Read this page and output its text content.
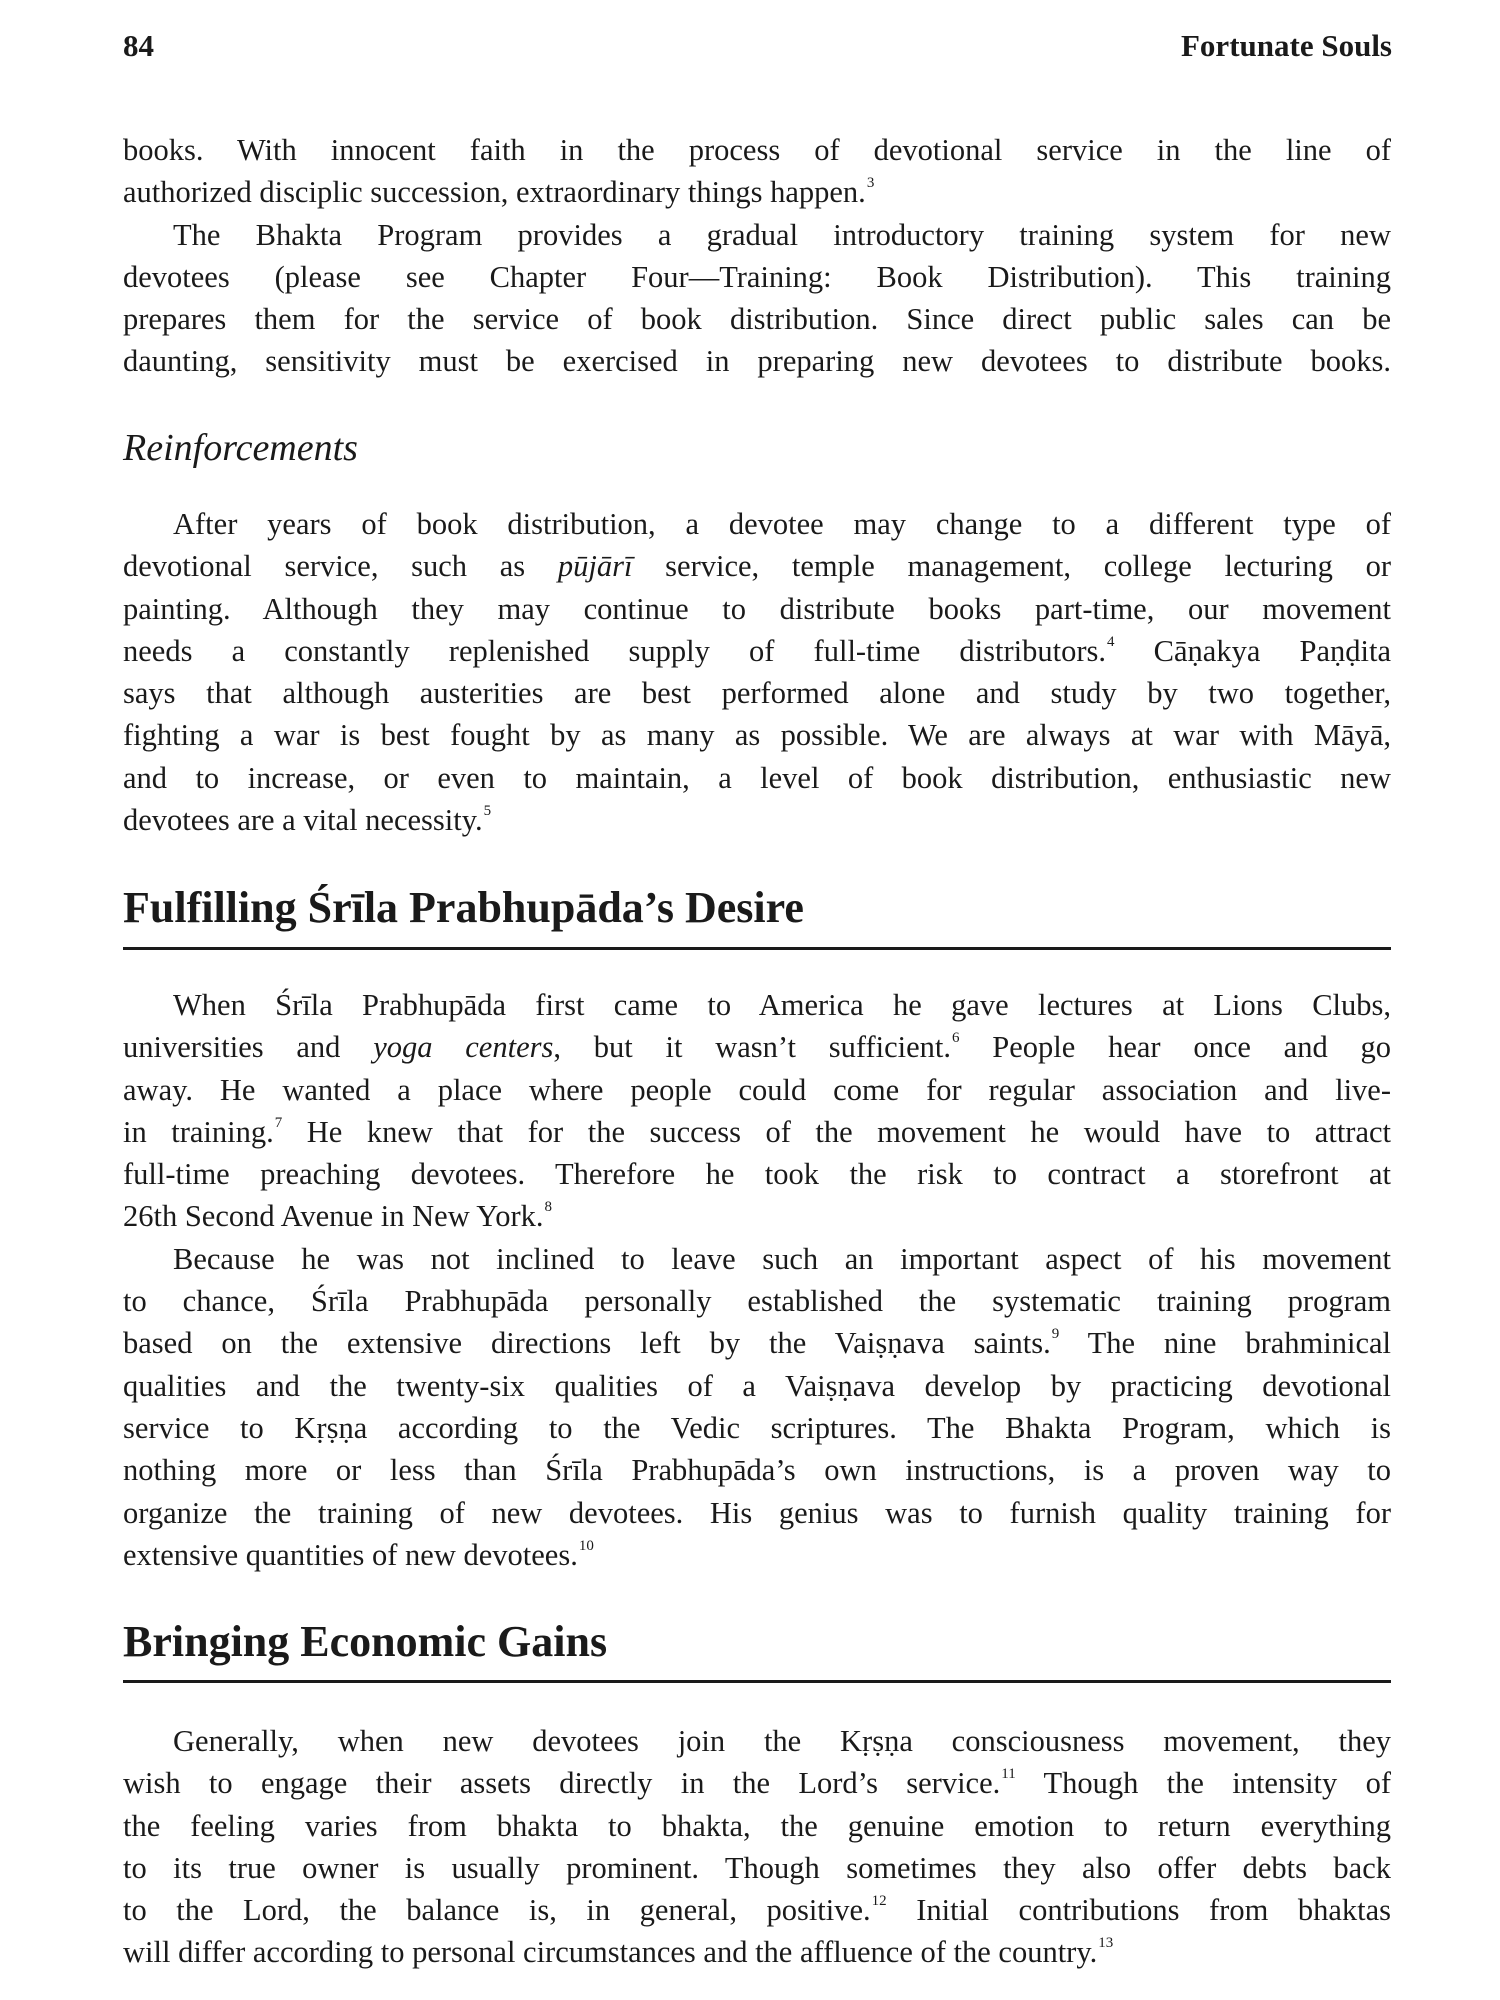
84	Fortunate Souls
books. With innocent faith in the process of devotional service in the line of
authorized disciplic succession, extraordinary things happen.$^3$
The Bhakta Program provides a gradual introductory training system for new
devotees (please see Chapter Four—Training: Book Distribution). This training
prepares them for the service of book distribution. Since direct public sales can be
daunting, sensitivity must be exercised in preparing new devotees to distribute books.
Reinforcements
After years of book distribution, a devotee may change to a different type of
devotional service, such as pūjārī service, temple management, college lecturing or
painting. Although they may continue to distribute books part-time, our movement
needs a constantly replenished supply of full-time distributors.$^4$ Cāṇakya Paṇḍita
says that although austerities are best performed alone and study by two together,
fighting a war is best fought by as many as possible. We are always at war with Māyā,
and to increase, or even to maintain, a level of book distribution, enthusiastic new
devotees are a vital necessity.$^5$
Fulfilling Śrīla Prabhupāda’s Desire
When Śrīla Prabhupāda first came to America he gave lectures at Lions Clubs,
universities and yoga centers, but it wasn’t sufficient.$^6$ People hear once and go
away. He wanted a place where people could come for regular association and live-
in training.$^7$ He knew that for the success of the movement he would have to attract
full-time preaching devotees. Therefore he took the risk to contract a storefront at
26th Second Avenue in New York.$^8$
Because he was not inclined to leave such an important aspect of his movement
to chance, Śrīla Prabhupāda personally established the systematic training program
based on the extensive directions left by the Vaiṣṇava saints.$^9$ The nine brahminical
qualities and the twenty-six qualities of a Vaiṣṇava develop by practicing devotional
service to Kṛṣṇa according to the Vedic scriptures. The Bhakta Program, which is
nothing more or less than Śrīla Prabhupāda’s own instructions, is a proven way to
organize the training of new devotees. His genius was to furnish quality training for
extensive quantities of new devotees.$^{10}$
Bringing Economic Gains
Generally, when new devotees join the Kṛṣṇa consciousness movement, they
wish to engage their assets directly in the Lord’s service.$^{11}$ Though the intensity of
the feeling varies from bhakta to bhakta, the genuine emotion to return everything
to its true owner is usually prominent. Though sometimes they also offer debts back
to the Lord, the balance is, in general, positive.$^{12}$ Initial contributions from bhaktas
will differ according to personal circumstances and the affluence of the country.$^{13}$
